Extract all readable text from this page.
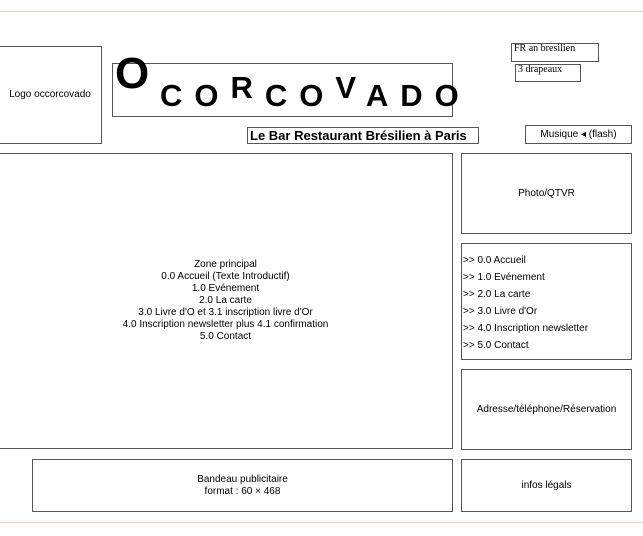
Logo occorcovado O CORCOVADO
FR an bresilien
3 drapeaux
Le Bar Restaurant Brésilien à Paris	Musique ◂ (flash)
Zone principal
0.0 Accueil (Texte Introductif)
1.0 Evénement
2.0 La carte
3.0 Livre d'O et 3.1 inscription livre d'Or
4.0 Inscription newsletter plus 4.1 confirmation
5.0 Contact
Photo/QTVR
>> 0.0 Accueil
>> 1.0 Evénement
>> 2.0 La carte
>> 3.0 Livre d'Or
>> 4.0 Inscription newsletter
>> 5.0 Contact
Adresse/téléphone/Réservation
Bandeau publicitaire
format : 60 × 468
infos légals
